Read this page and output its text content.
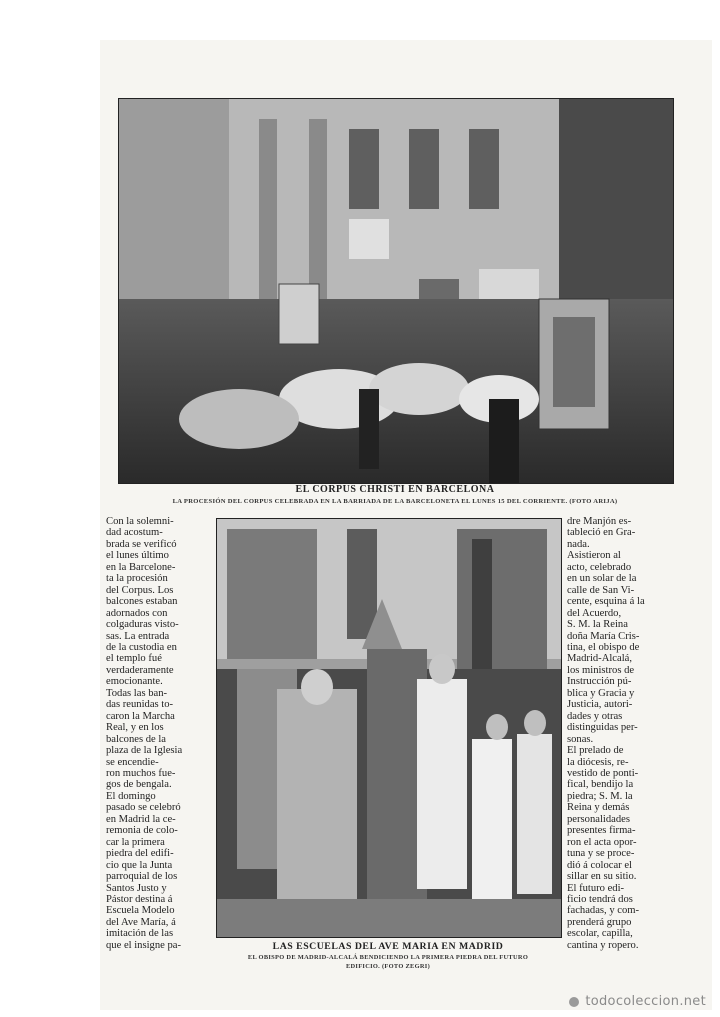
EL CORPUS CHRISTI EN BARCELONA
LA PROCESIÓN DEL CORPUS CELEBRADA EN LA BARRIADA DE LA BARCELONETA EL LUNES 15 DEL CORRIENTE. (FOTO ARIJA)
LAS ESCUELAS DEL AVE MARIA EN MADRID
EL OBISPO DE MADRID-ALCALÁ BENDICIENDO LA PRIMERA PIEDRA DEL FUTURO
EDIFICIO. (FOTO ZEGRI)
Con la solemni-
dad acostum-
brada se verificó
el lunes último
en la Barcelone-
ta la procesión
del Corpus. Los
balcones estaban
adornados con
colgaduras visto-
sas. La entrada
de la custodia en
el templo fué
verdaderamente
emocionante.
Todas las ban-
das reunidas to-
caron la Marcha
Real, y en los
balcones de la
plaza de la Iglesia
se encendie-
ron muchos fue-
gos de bengala.
El domingo
pasado se celebró
en Madrid la ce-
remonia de colo-
car la primera
piedra del edifi-
cio que la Junta
parroquial de los
Santos Justo y
Pástor destina á
Escuela Modelo
del Ave María, á
imitación de las
que el insigne pa-
dre Manjón es-
tableció en Gra-
nada.
Asistieron al
acto, celebrado
en un solar de la
calle de San Vi-
cente, esquina á la
del Acuerdo,
S. M. la Reina
doña María Cris-
tina, el obispo de
Madrid-Alcalá,
los ministros de
Instrucción pú-
blica y Gracia y
Justicia, autori-
dades y otras
distinguidas per-
sonas.
El prelado de
la diócesis, re-
vestido de ponti-
fical, bendijo la
piedra; S. M. la
Reina y demás
personalidades
presentes firma-
ron el acta opor-
tuna y se proce-
dió á colocar el
sillar en su sitio.
El futuro edi-
ficio tendrá dos
fachadas, y com-
prenderá grupo
escolar, capilla,
cantina y ropero.
todocoleccion.net
